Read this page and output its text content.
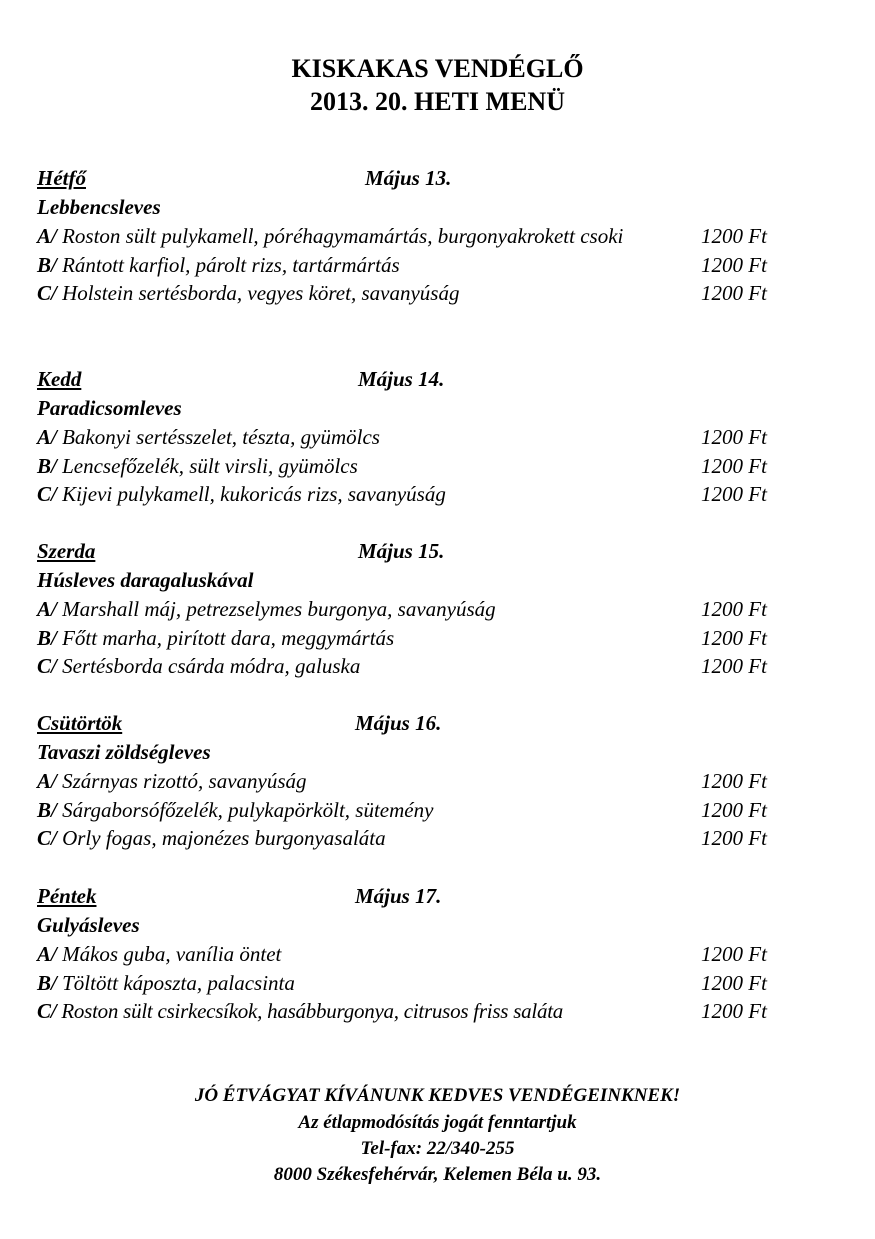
KISKAKAS VENDÉGLŐ
2013. 20. HETI MENÜ
Hétfő	Május 13.
Lebbencsleves
A/ Roston sült pulykamell, póréhagymamártás, burgonyakrokett csoki	1200 Ft
B/ Rántott karfiol, párolt rizs, tartármártás	1200 Ft
C/ Holstein sertésborda, vegyes köret, savanyúság	1200 Ft
Kedd	Május 14.
Paradicsomleves
A/ Bakonyi sertésszelet, tészta, gyümölcs	1200 Ft
B/ Lencsefőzelék, sült virsli, gyümölcs	1200 Ft
C/ Kijevi pulykamell, kukoricás rizs, savanyúság	1200 Ft
Szerda	Május 15.
Húsleves daragaluskával
A/ Marshall máj, petrezselymes burgonya, savanyúság	1200 Ft
B/ Főtt marha, pirított dara, meggymártás	1200 Ft
C/ Sertésborda csárda módra, galuska	1200 Ft
Csütörtök	Május 16.
Tavaszi zöldségleves
A/ Szárnyas rizottó, savanyúság	1200 Ft
B/ Sárgaborsófőzelék, pulykapörkölt, sütemény	1200 Ft
C/ Orly fogas, majonézes burgonyasaláta	1200 Ft
Péntek	Május 17.
Gulyásleves
A/ Mákos guba, vanília öntet	1200 Ft
B/ Töltött káposzta, palacsinta	1200 Ft
C/ Roston sült csirkecsíkok, hasábburgonya, citrusos friss saláta	1200 Ft
JÓ ÉTVÁGYAT KÍVÁNUNK KEDVES VENDÉGEINKNEK!
Az étlapmodósítás jogát fenntartjuk
Tel-fax: 22/340-255
8000 Székesfehérvár, Kelemen Béla u. 93.
